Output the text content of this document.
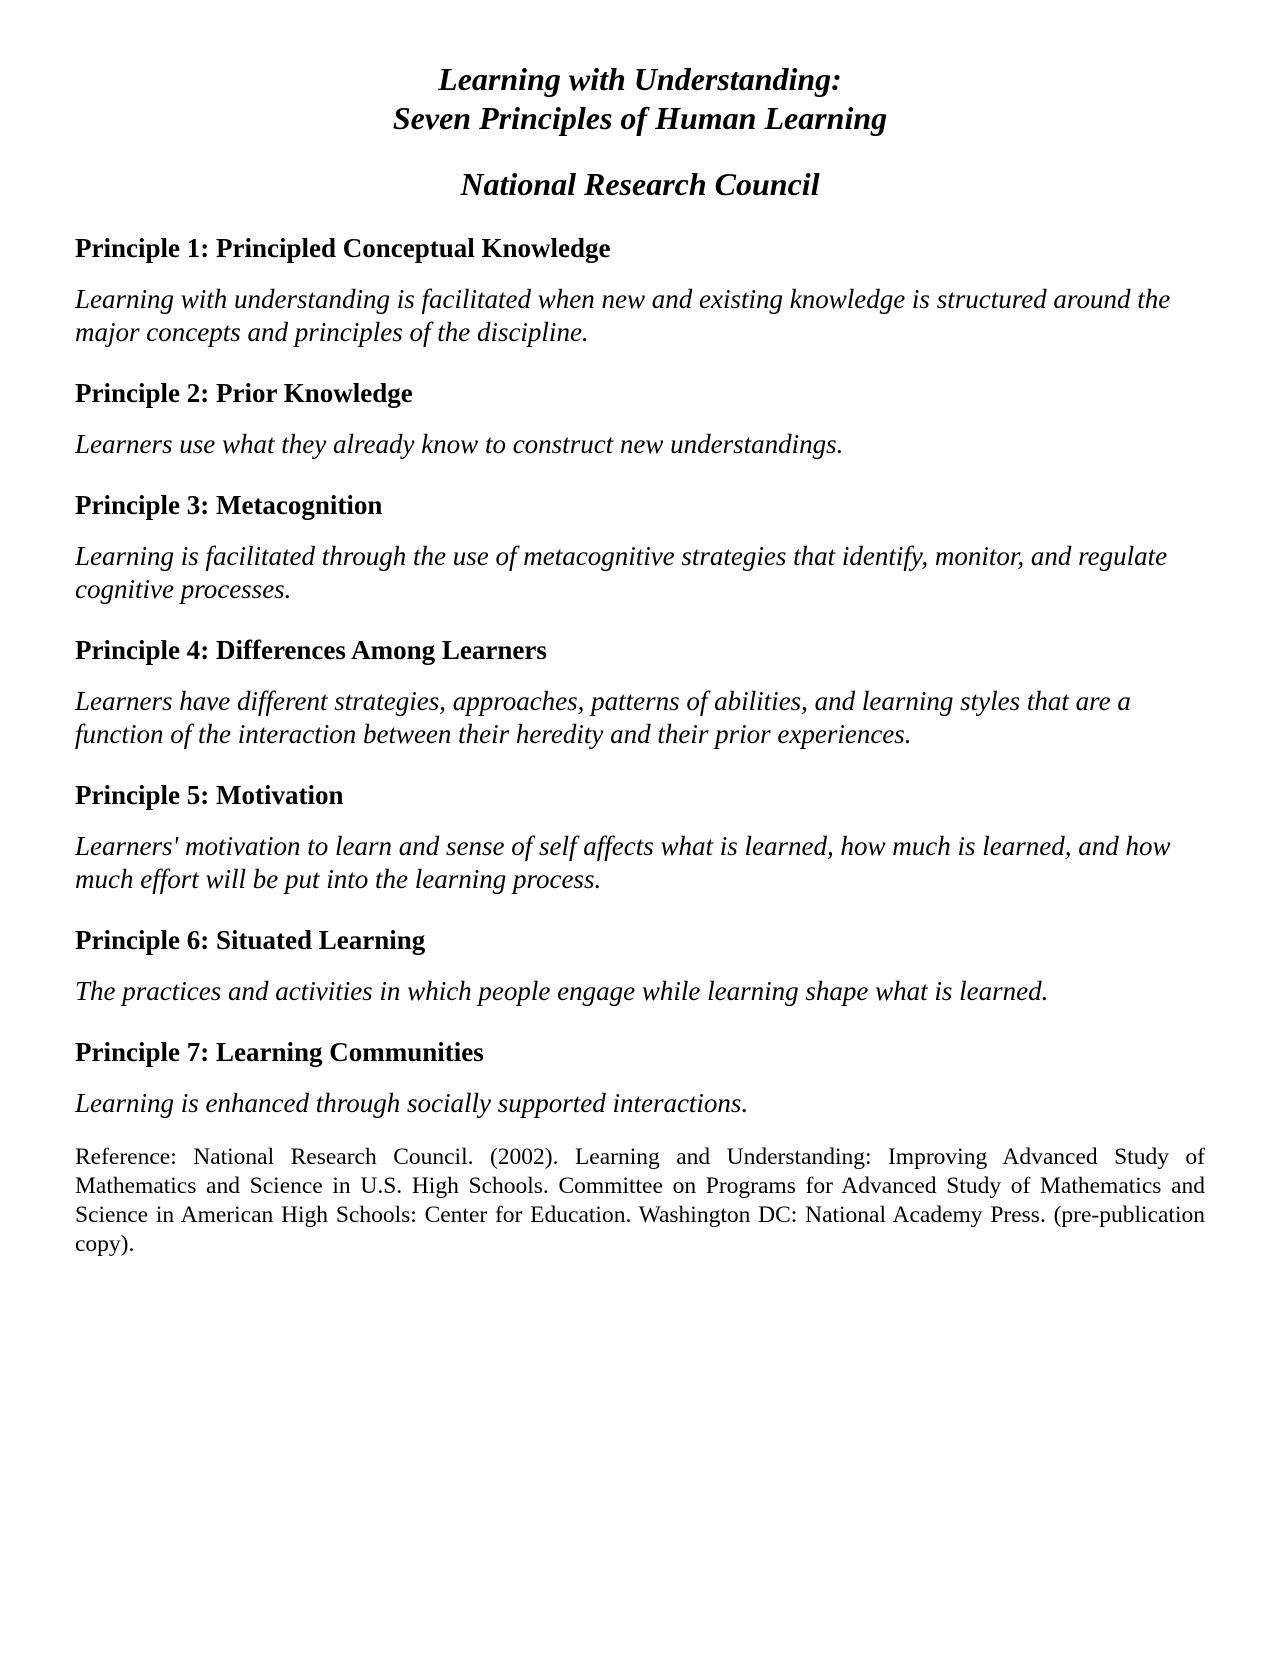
Learning with Understanding:
Seven Principles of Human Learning
National Research Council

Principle 1: Principled Conceptual Knowledge

Learning with understanding is facilitated when new and existing knowledge is structured around the major concepts and principles of the discipline.

Principle 2: Prior Knowledge

Learners use what they already know to construct new understandings.

Principle 3: Metacognition

Learning is facilitated through the use of metacognitive strategies that identify, monitor, and regulate cognitive processes.

Principle 4: Differences Among Learners

Learners have different strategies, approaches, patterns of abilities, and learning styles that are a function of the interaction between their heredity and their prior experiences.

Principle 5: Motivation

Learners' motivation to learn and sense of self affects what is learned, how much is learned, and how much effort will be put into the learning process.

Principle 6: Situated Learning

The practices and activities in which people engage while learning shape what is learned.

Principle 7: Learning Communities

Learning is enhanced through socially supported interactions.

Reference: National Research Council. (2002). Learning and Understanding: Improving Advanced Study of Mathematics and Science in U.S. High Schools. Committee on Programs for Advanced Study of Mathematics and Science in American High Schools: Center for Education. Washington DC: National Academy Press. (pre-publication copy).
